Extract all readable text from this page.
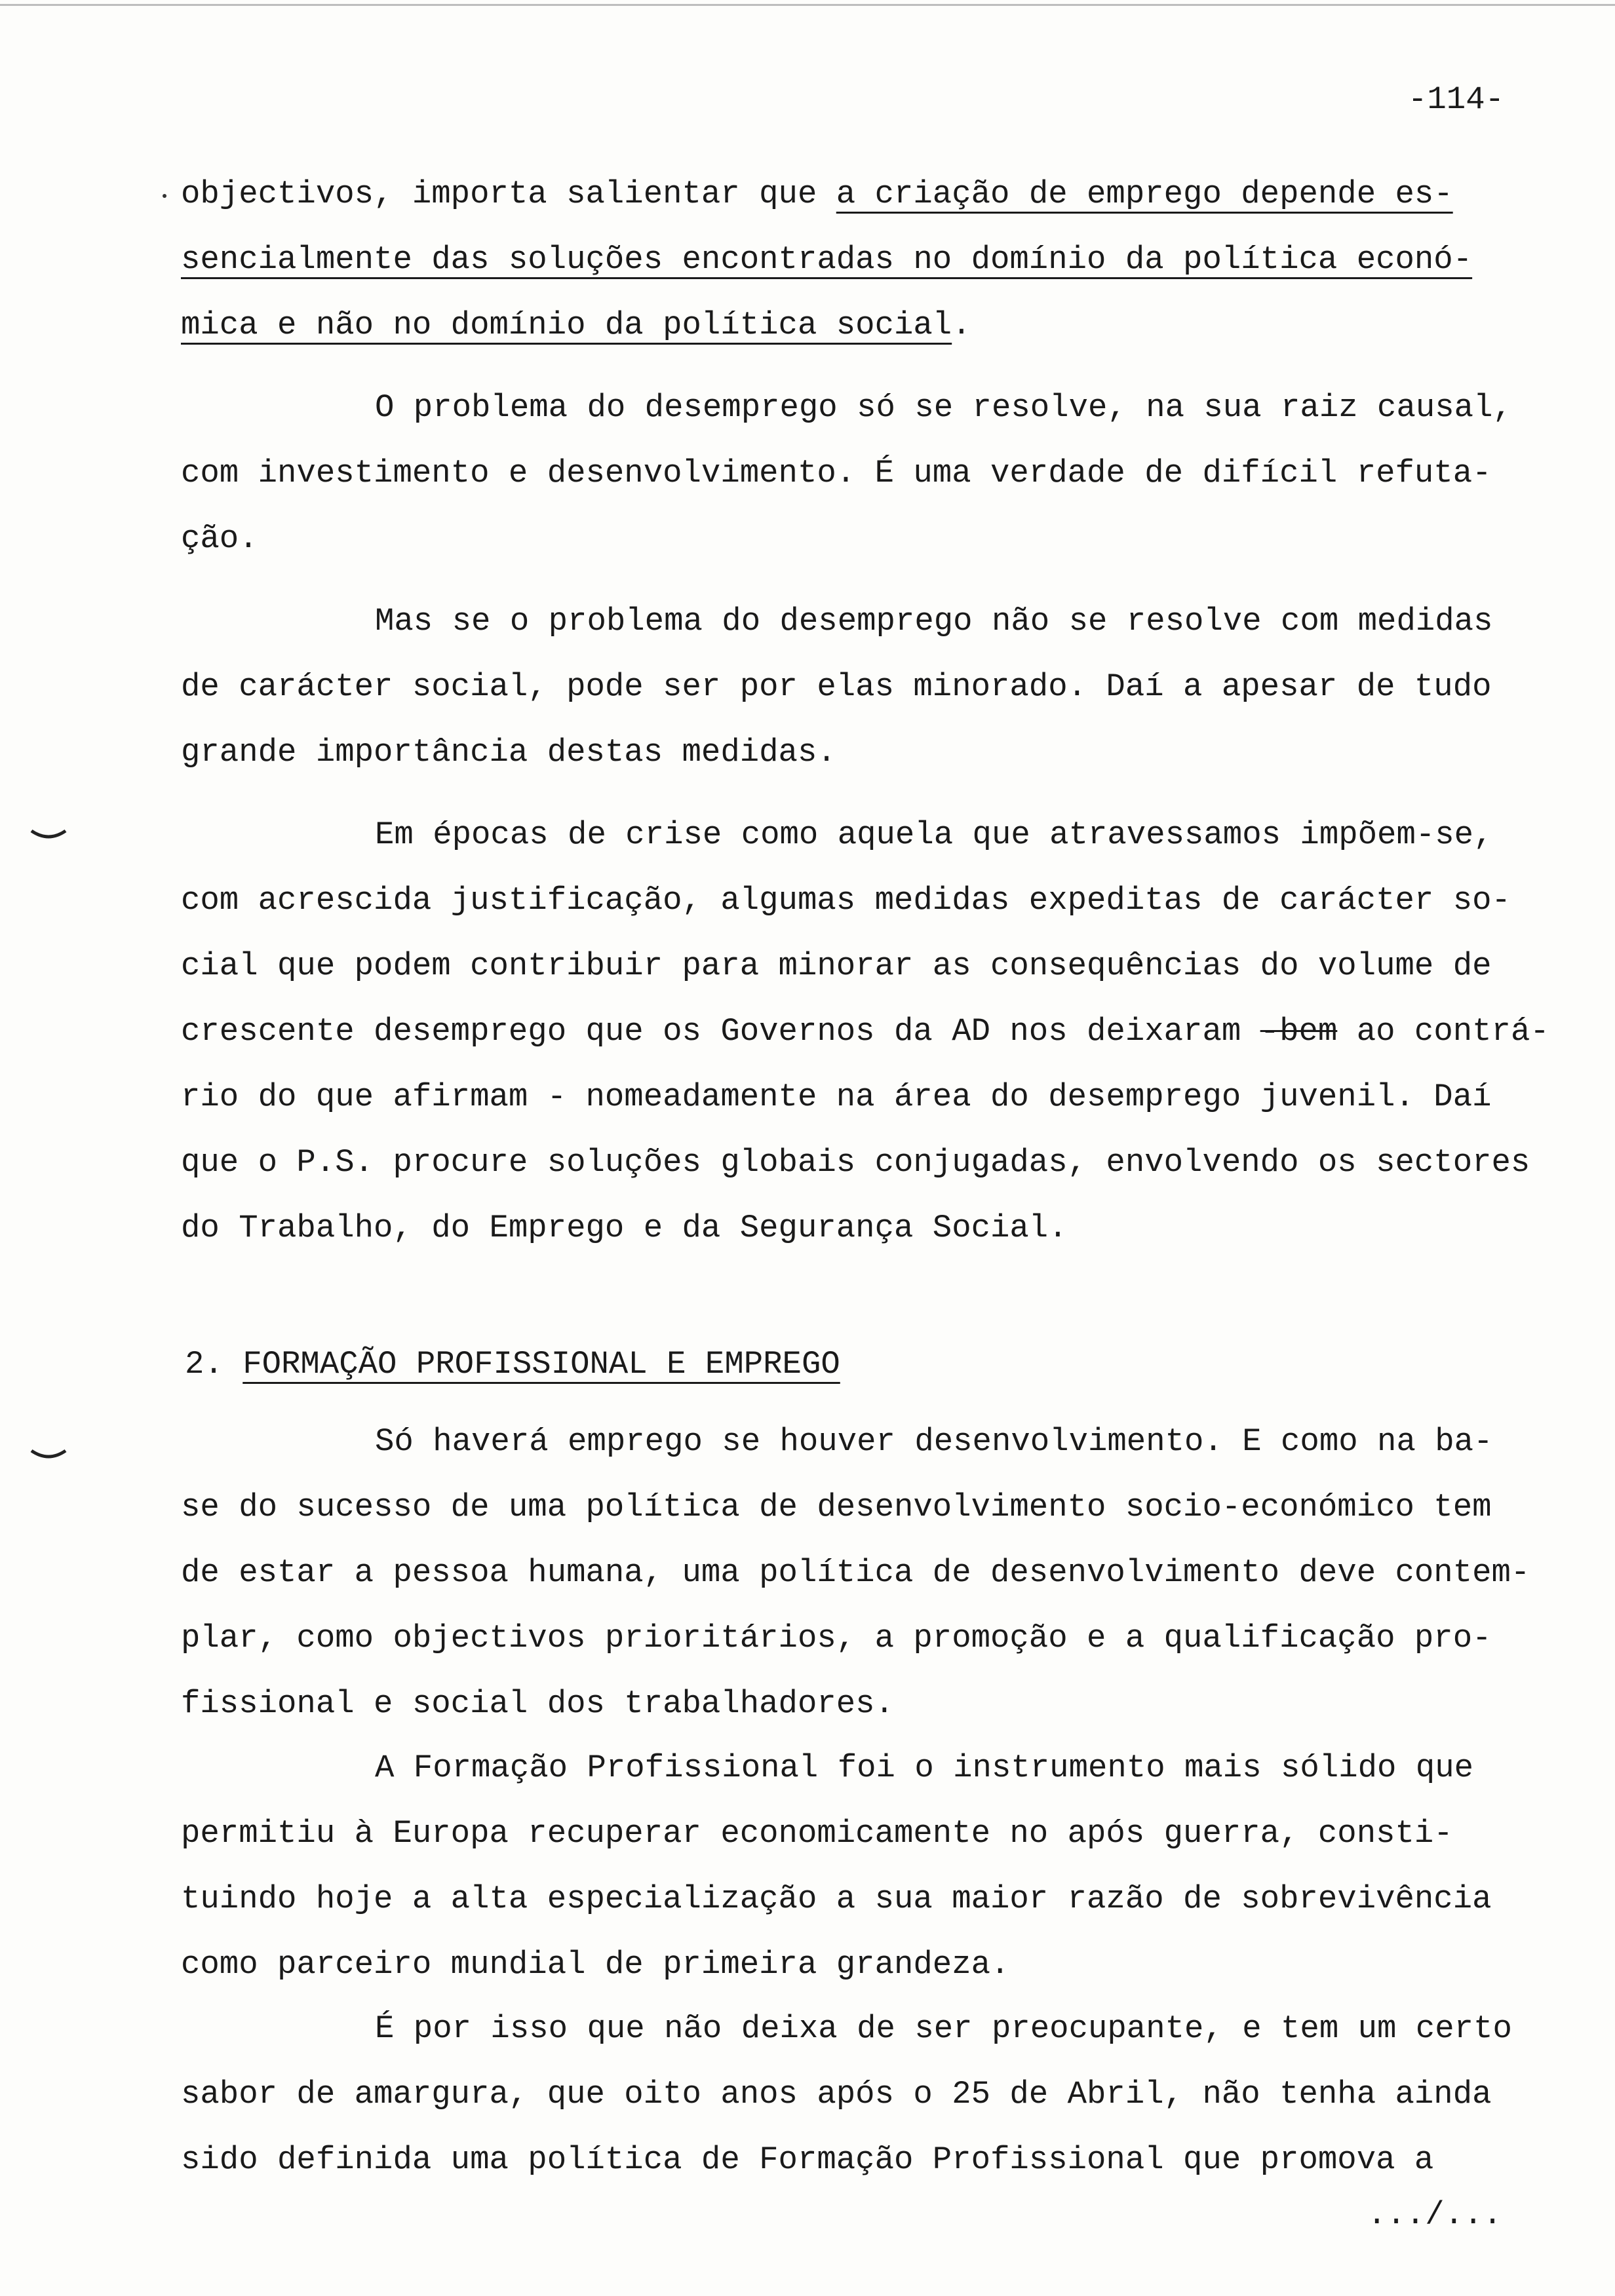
-114-
objectivos, importa salientar que a criação de emprego depende es-
sencialmente das soluções encontradas no domínio da política econó-
mica e não no domínio da política social.
O problema do desemprego só se resolve, na sua raiz causal,
com investimento e desenvolvimento. É uma verdade de difícil refuta-
ção.
Mas se o problema do desemprego não se resolve com medidas
de carácter social, pode ser por elas minorado. Daí a apesar de tudo
grande importância destas medidas.
Em épocas de crise como aquela que atravessamos impõem-se,
com acrescida justificação, algumas medidas expeditas de carácter so-
cial que podem contribuir para minorar as consequências do volume de
crescente desemprego que os Governos da AD nos deixaram -bem ao contrá-
rio do que afirmam - nomeadamente na área do desemprego juvenil. Daí
que o P.S. procure soluções globais conjugadas, envolvendo os sectores
do Trabalho, do Emprego e da Segurança Social.
2. FORMAÇÃO PROFISSIONAL E EMPREGO
Só haverá emprego se houver desenvolvimento. E como na ba-
se do sucesso de uma política de desenvolvimento socio-económico tem
de estar a pessoa humana, uma política de desenvolvimento deve contem-
plar, como objectivos prioritários, a promoção e a qualificação pro-
fissional e social dos trabalhadores.
A Formação Profissional foi o instrumento mais sólido que
permitiu à Europa recuperar economicamente no após guerra, consti-
tuindo hoje a alta especialização a sua maior razão de sobrevivência
como parceiro mundial de primeira grandeza.
É por isso que não deixa de ser preocupante, e tem um certo
sabor de amargura, que oito anos após o 25 de Abril, não tenha ainda
sido definida uma política de Formação Profissional que promova a
.../...
